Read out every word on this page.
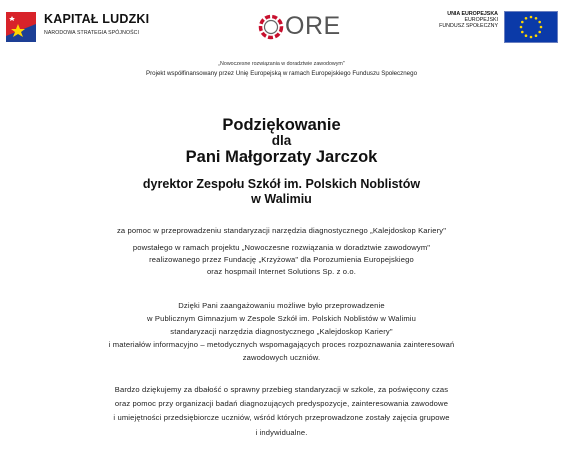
KAPITAŁ LUDZKI
NARODOWA STRATEGIA SPÓJNOŚCI	ORE	UNIA EUROPEJSKA
EUROPEJSKI
FUNDUSZ SPOŁECZNY
„Nowoczesne rozwiązania w doradztwie zawodowym"
Projekt współfinansowany przez Unię Europejską w ramach Europejskiego Funduszu Społecznego
Podziękowanie
dla
Pani Małgorzaty Jarczok
dyrektor Zespołu Szkół im. Polskich Noblistów
w Walimiu
za pomoc w przeprowadzeniu standaryzacji narzędzia diagnostycznego „Kalejdoskop Kariery"
powstałego w ramach projektu „Nowoczesne rozwiązania w doradztwie zawodowym"
realizowanego przez Fundację „Krzyżowa" dla Porozumienia Europejskiego
oraz hospmail Internet Solutions Sp. z o.o.
Dzięki Pani zaangażowaniu możliwe było przeprowadzenie
w Publicznym Gimnazjum w Zespole Szkół im. Polskich Noblistów w Walimiu
standaryzacji narzędzia diagnostycznego „Kalejdoskop Kariery"
i materiałów informacyjno – metodycznych wspomagających proces rozpoznawania zainteresowań
zawodowych uczniów.
Bardzo dziękujemy za dbałość o sprawny przebieg standaryzacji w szkole, za poświęcony czas
oraz pomoc przy organizacji badań diagnozujących predyspozycje, zainteresowania zawodowe
i umiejętności przedsiębiorcze uczniów, wśród których przeprowadzone zostały zajęcia grupowe
i indywidualne.
